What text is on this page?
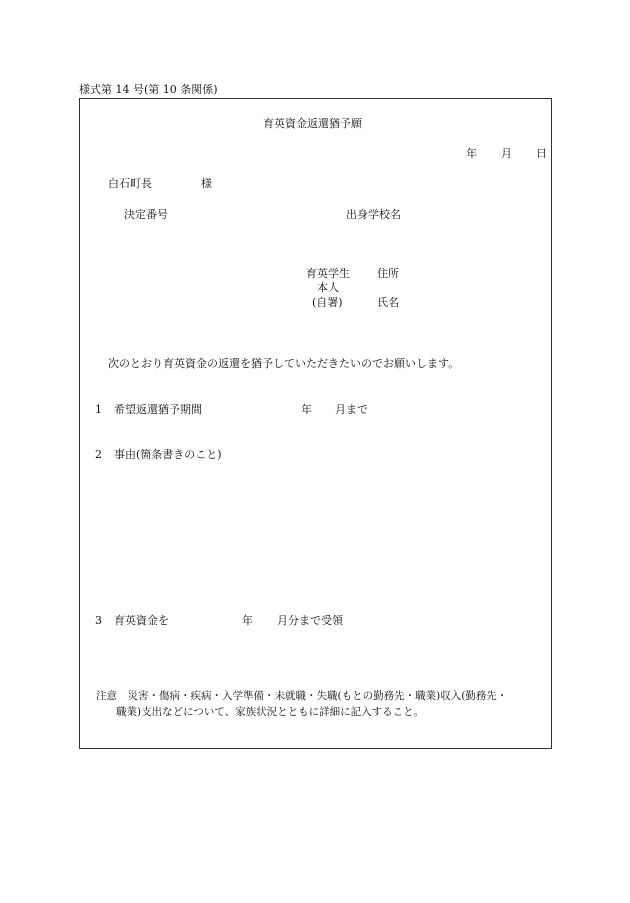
様式第 14 号(第 10 条関係)
育英資金返還猶予願
年 月 日
白石町長	様
決定番号	出身学校名
育英学生 住所
本人
(自署)	氏名
次のとおり育英資金の返還を猶予していただきたいのでお願いします。
1 希望返還猶予期間	年 月まで
2 事由(箇条書きのこと)
3 育英資金を	年 月分まで受領
注意　災害・傷病・疾病・入学準備・未就職・失職(もとの勤務先・職業)収入(勤務先・
職業)支出などについて、家族状況とともに詳細に記入すること。
